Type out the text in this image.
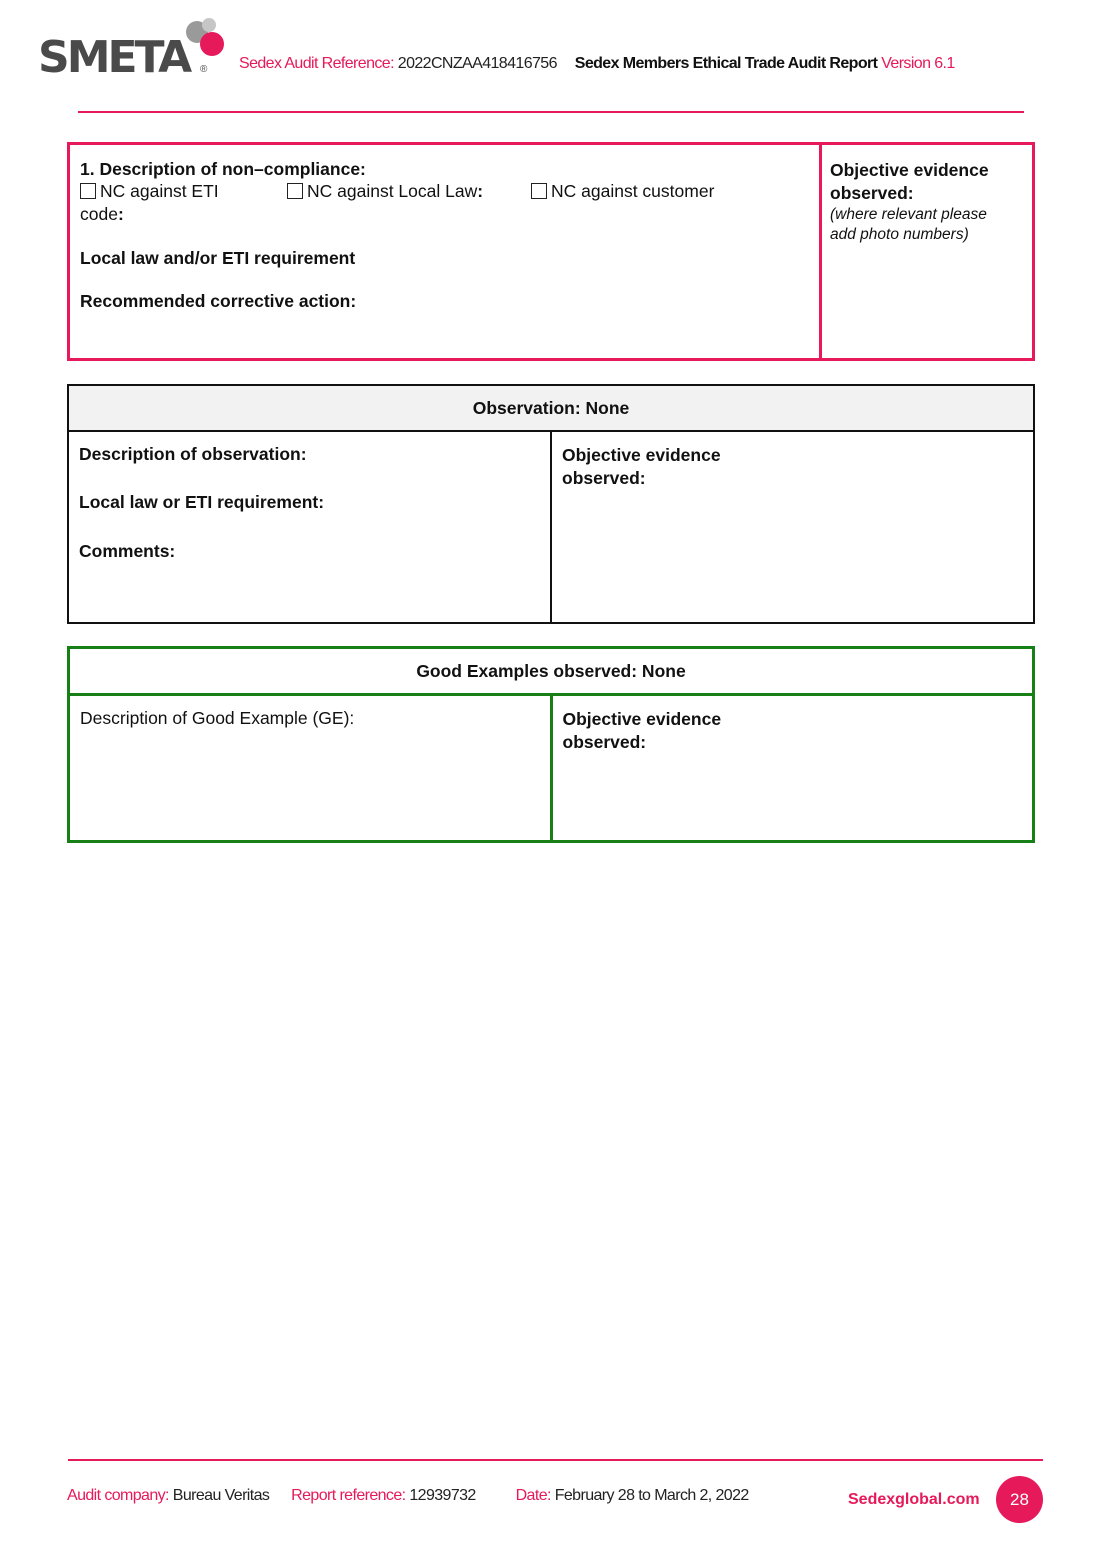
SMETA ® Sedex Audit Reference: 2022CNZAA418416756 Sedex Members Ethical Trade Audit Report Version 6.1
1. Description of non–compliance:
NC against ETI	NC against Local Law:	NC against customer
code:
Local law and/or ETI requirement
Recommended corrective action:

Objective evidence
observed:
(where relevant please
add photo numbers)
Observation: None

Description of observation:
Local law or ETI requirement:
Comments:

Objective evidence
observed:
Good Examples observed: None
Description of Good Example (GE):	Objective evidence
observed:
Audit company: Bureau Veritas Report reference: 12939732 Date: February 28 to March 2, 2022	Sedexglobal.com	28
